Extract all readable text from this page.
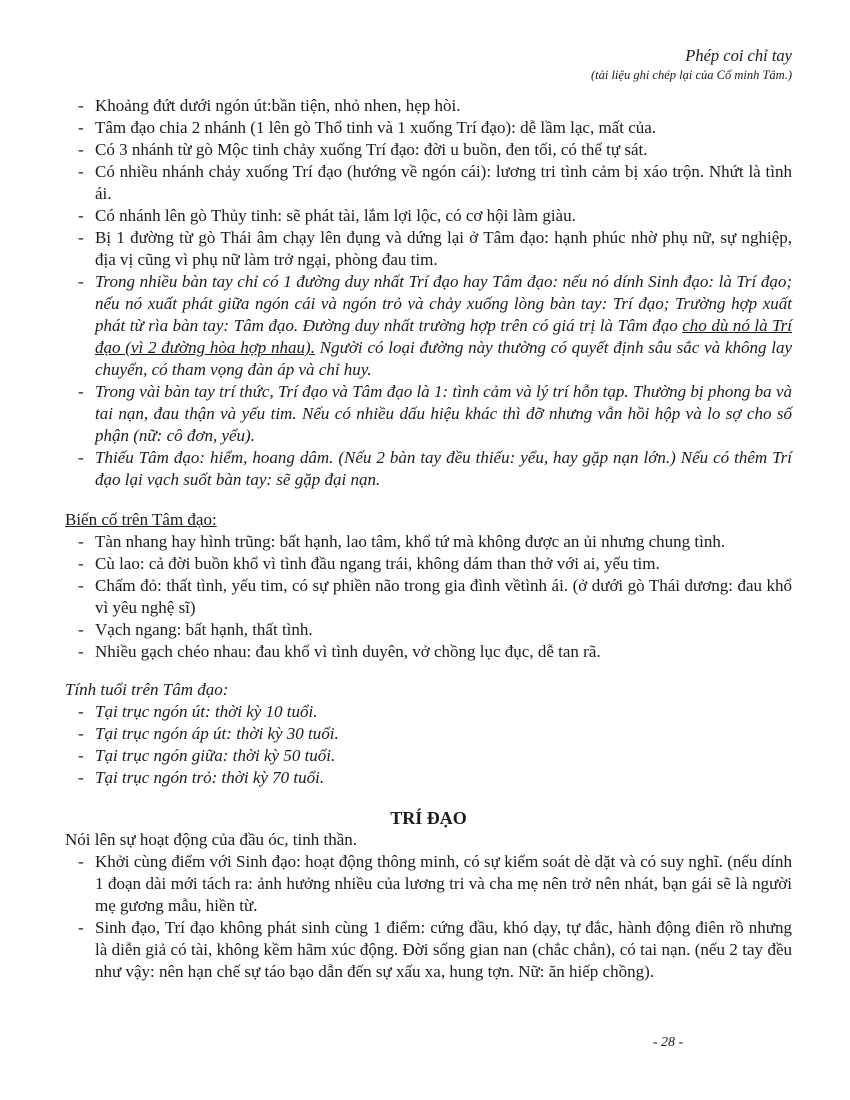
Phép coi chỉ tay
(tài liệu ghi chép lại của Cổ minh Tâm.)
- Khoảng đứt dưới ngón út:bần tiện, nhỏ nhen, hẹp hòi.
- Tâm đạo chia 2 nhánh (1 lên gò Thổ tinh và 1 xuống Trí đạo): dễ lầm lạc, mất của.
- Có 3 nhánh từ gò Mộc tinh chảy xuống Trí đạo: đời u buồn, đen tối, có thể tự sát.
- Có nhiều nhánh chảy xuống Trí đạo (hướng về ngón cái): lương tri tình cảm bị xáo trộn. Nhứt là tình ái.
- Có nhánh lên gò Thủy tinh: sẽ phát tài, lắm lợi lộc, có cơ hội làm giàu.
- Bị 1 đường từ gò Thái âm chạy lên đụng và dứng lại ở Tâm đạo: hạnh phúc nhờ phụ nữ, sự nghiệp, địa vị cũng vì phụ nữ làm trở ngại, phòng đau tim.
- Trong nhiều bàn tay chỉ có 1 đường duy nhất Trí đạo hay Tâm đạo: nếu nó dính Sinh đạo: là Trí đạo; nếu nó xuất phát giữa ngón cái và ngón trỏ và chảy xuống lòng bàn tay: Trí đạo; Trường hợp xuất phát từ rìa bàn tay: Tâm đạo. Đường duy nhất trường hợp trên có giá trị là Tâm đạo cho dù nó là Trí đạo (vì 2 đường hòa hợp nhau). Người có loại đường này thường có quyết định sâu sắc và không lay chuyển, có tham vọng đàn áp và chỉ huy.
- Trong vài bàn tay trí thức, Trí đạo và Tâm đạo là 1: tình cảm và lý trí hỗn tạp. Thường bị phong ba và tai nạn, đau thận và yếu tim. Nếu có nhiều dấu hiệu khác thì đỡ nhưng vẫn hồi hộp và lo sợ cho số phận (nữ: cô đơn, yểu).
- Thiếu Tâm đạo: hiểm, hoang dâm. (Nếu 2 bàn tay đều thiếu: yểu, hay gặp nạn lớn.) Nếu có thêm Trí đạo lại vạch suốt bàn tay: sẽ gặp đại nạn.
Biến cố trên Tâm đạo:
- Tàn nhang hay hình trũng: bất hạnh, lao tâm, khổ tứ mà không được an ủi nhưng chung tình.
- Cù lao: cả đời buồn khổ vì tình đầu ngang trái, không dám than thở với ai, yếu tim.
- Chấm đỏ: thất tình, yếu tim, có sự phiền não trong gia đình vềtình ái. (ở dưới gò Thái dương: đau khổ vì yêu nghệ sĩ)
- Vạch ngang: bất hạnh, thất tình.
- Nhiều gạch chéo nhau: đau khổ vì tình duyên, vở chồng lục đục, dễ tan rã.
Tính tuổi trên Tâm đạo:
- Tại trục ngón út: thời kỳ 10 tuổi.
- Tại trục ngón áp út: thời kỳ 30 tuổi.
- Tại trục ngón giữa: thời kỳ 50 tuổi.
- Tại trục ngón trỏ: thời kỳ 70 tuổi.
TRÍ ĐẠO
Nói lên sự hoạt động của đầu óc, tinh thần.
- Khởi cùng điểm với Sinh đạo: hoạt động thông minh, có sự kiểm soát dè dặt và có suy nghĩ. (nếu dính 1 đoạn dài mới tách ra: ảnh hưởng nhiều của lương tri và cha mẹ nên trở nên nhát, bạn gái sẽ là người mẹ gương mẫu, hiền từ.
- Sinh đạo, Trí đạo không phát sinh cùng 1 điểm: cứng đầu, khó dạy, tự đắc, hành động điên rồ nhưng là diễn giả có tài, không kềm hãm xúc động. Đời sống gian nan (chắc chắn), có tai nạn. (nếu 2 tay đều như vậy: nên hạn chế sự táo bạo dẫn đến sự xấu xa, hung tợn. Nữ: ăn hiếp chồng).
- 28 -
